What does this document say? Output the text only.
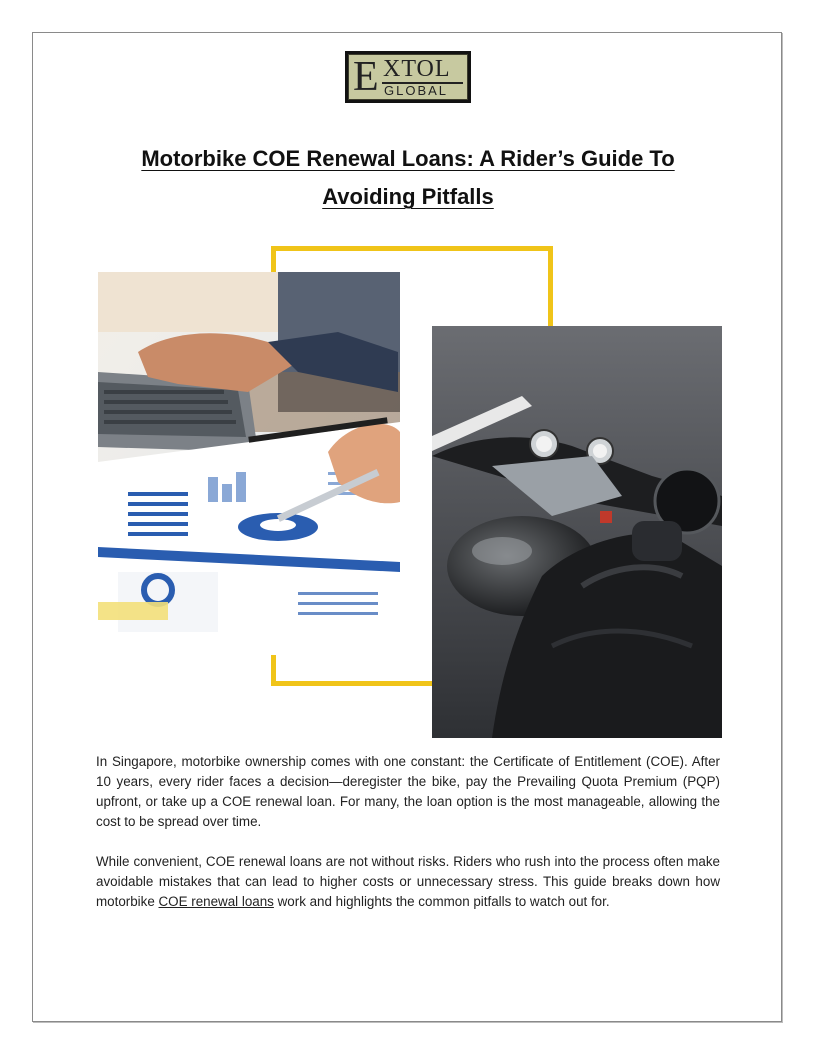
E XTOL
GLOBAL
Motorbike COE Renewal Loans: A Rider’s Guide To
Avoiding Pitfalls

In Singapore, motorbike ownership comes with one constant: the Certificate of Entitlement (COE). After 10 years, every rider faces a decision—deregister the bike, pay the Prevailing Quota Premium (PQP) upfront, or take up a COE renewal loan. For many, the loan option is the most manageable, allowing the cost to be spread over time.

While convenient, COE renewal loans are not without risks. Riders who rush into the process often make avoidable mistakes that can lead to higher costs or unnecessary stress. This guide breaks down how motorbike COE renewal loans work and highlights the common pitfalls to watch out for.
